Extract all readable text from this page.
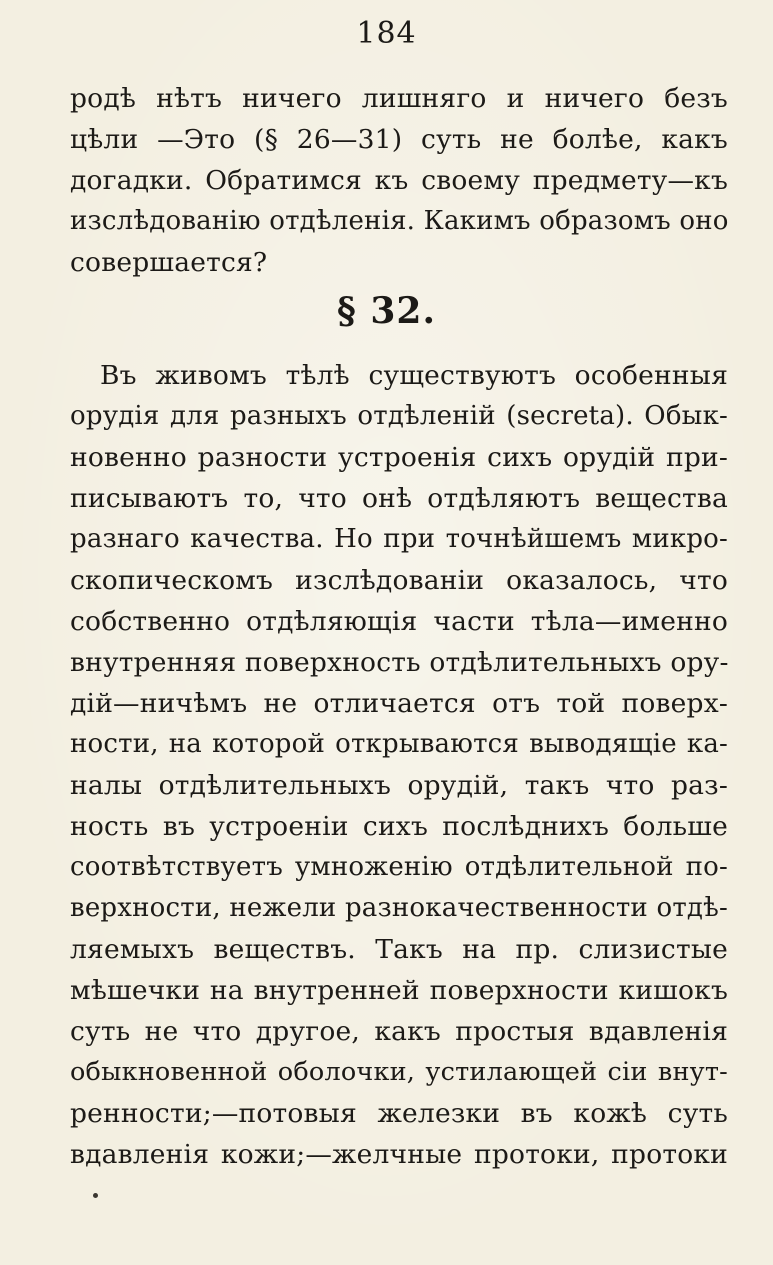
184
родѣ нѣтъ ничего лишняго и ничего безъ
цѣли —Это (§ 26—31) суть не болѣе, какъ
догадки. Обратимся къ своему предмету—къ
изслѣдованію отдѣленія. Какимъ образомъ оно
совершается?
§ 32.
Въ живомъ тѣлѣ существуютъ особенныя
орудія для разныхъ отдѣленій (secreta). Обык-
новенно разности устроенія сихъ орудій при-
писываютъ то, что онѣ отдѣляютъ вещества
разнаго качества. Но при точнѣйшемъ микро-
скопическомъ изслѣдованіи оказалось, что
собственно отдѣляющія части тѣла—именно
внутренняя поверхность отдѣлительныхъ ору-
дій—ничѣмъ не отличается отъ той поверх-
ности, на которой открываются выводящіе ка-
налы отдѣлительныхъ орудій, такъ что раз-
ность въ устроеніи сихъ послѣднихъ больше
соотвѣтствуетъ умноженію отдѣлительной по-
верхности, нежели разнокачественности отдѣ-
ляемыхъ веществъ. Такъ на пр. слизистые
мѣшечки на внутренней поверхности кишокъ
суть не что другое, какъ простыя вдавленія
обыкновенной оболочки, устилающей сіи внут-
ренности;—потовыя железки въ кожѣ суть
вдавленія кожи;—желчные протоки, протоки
